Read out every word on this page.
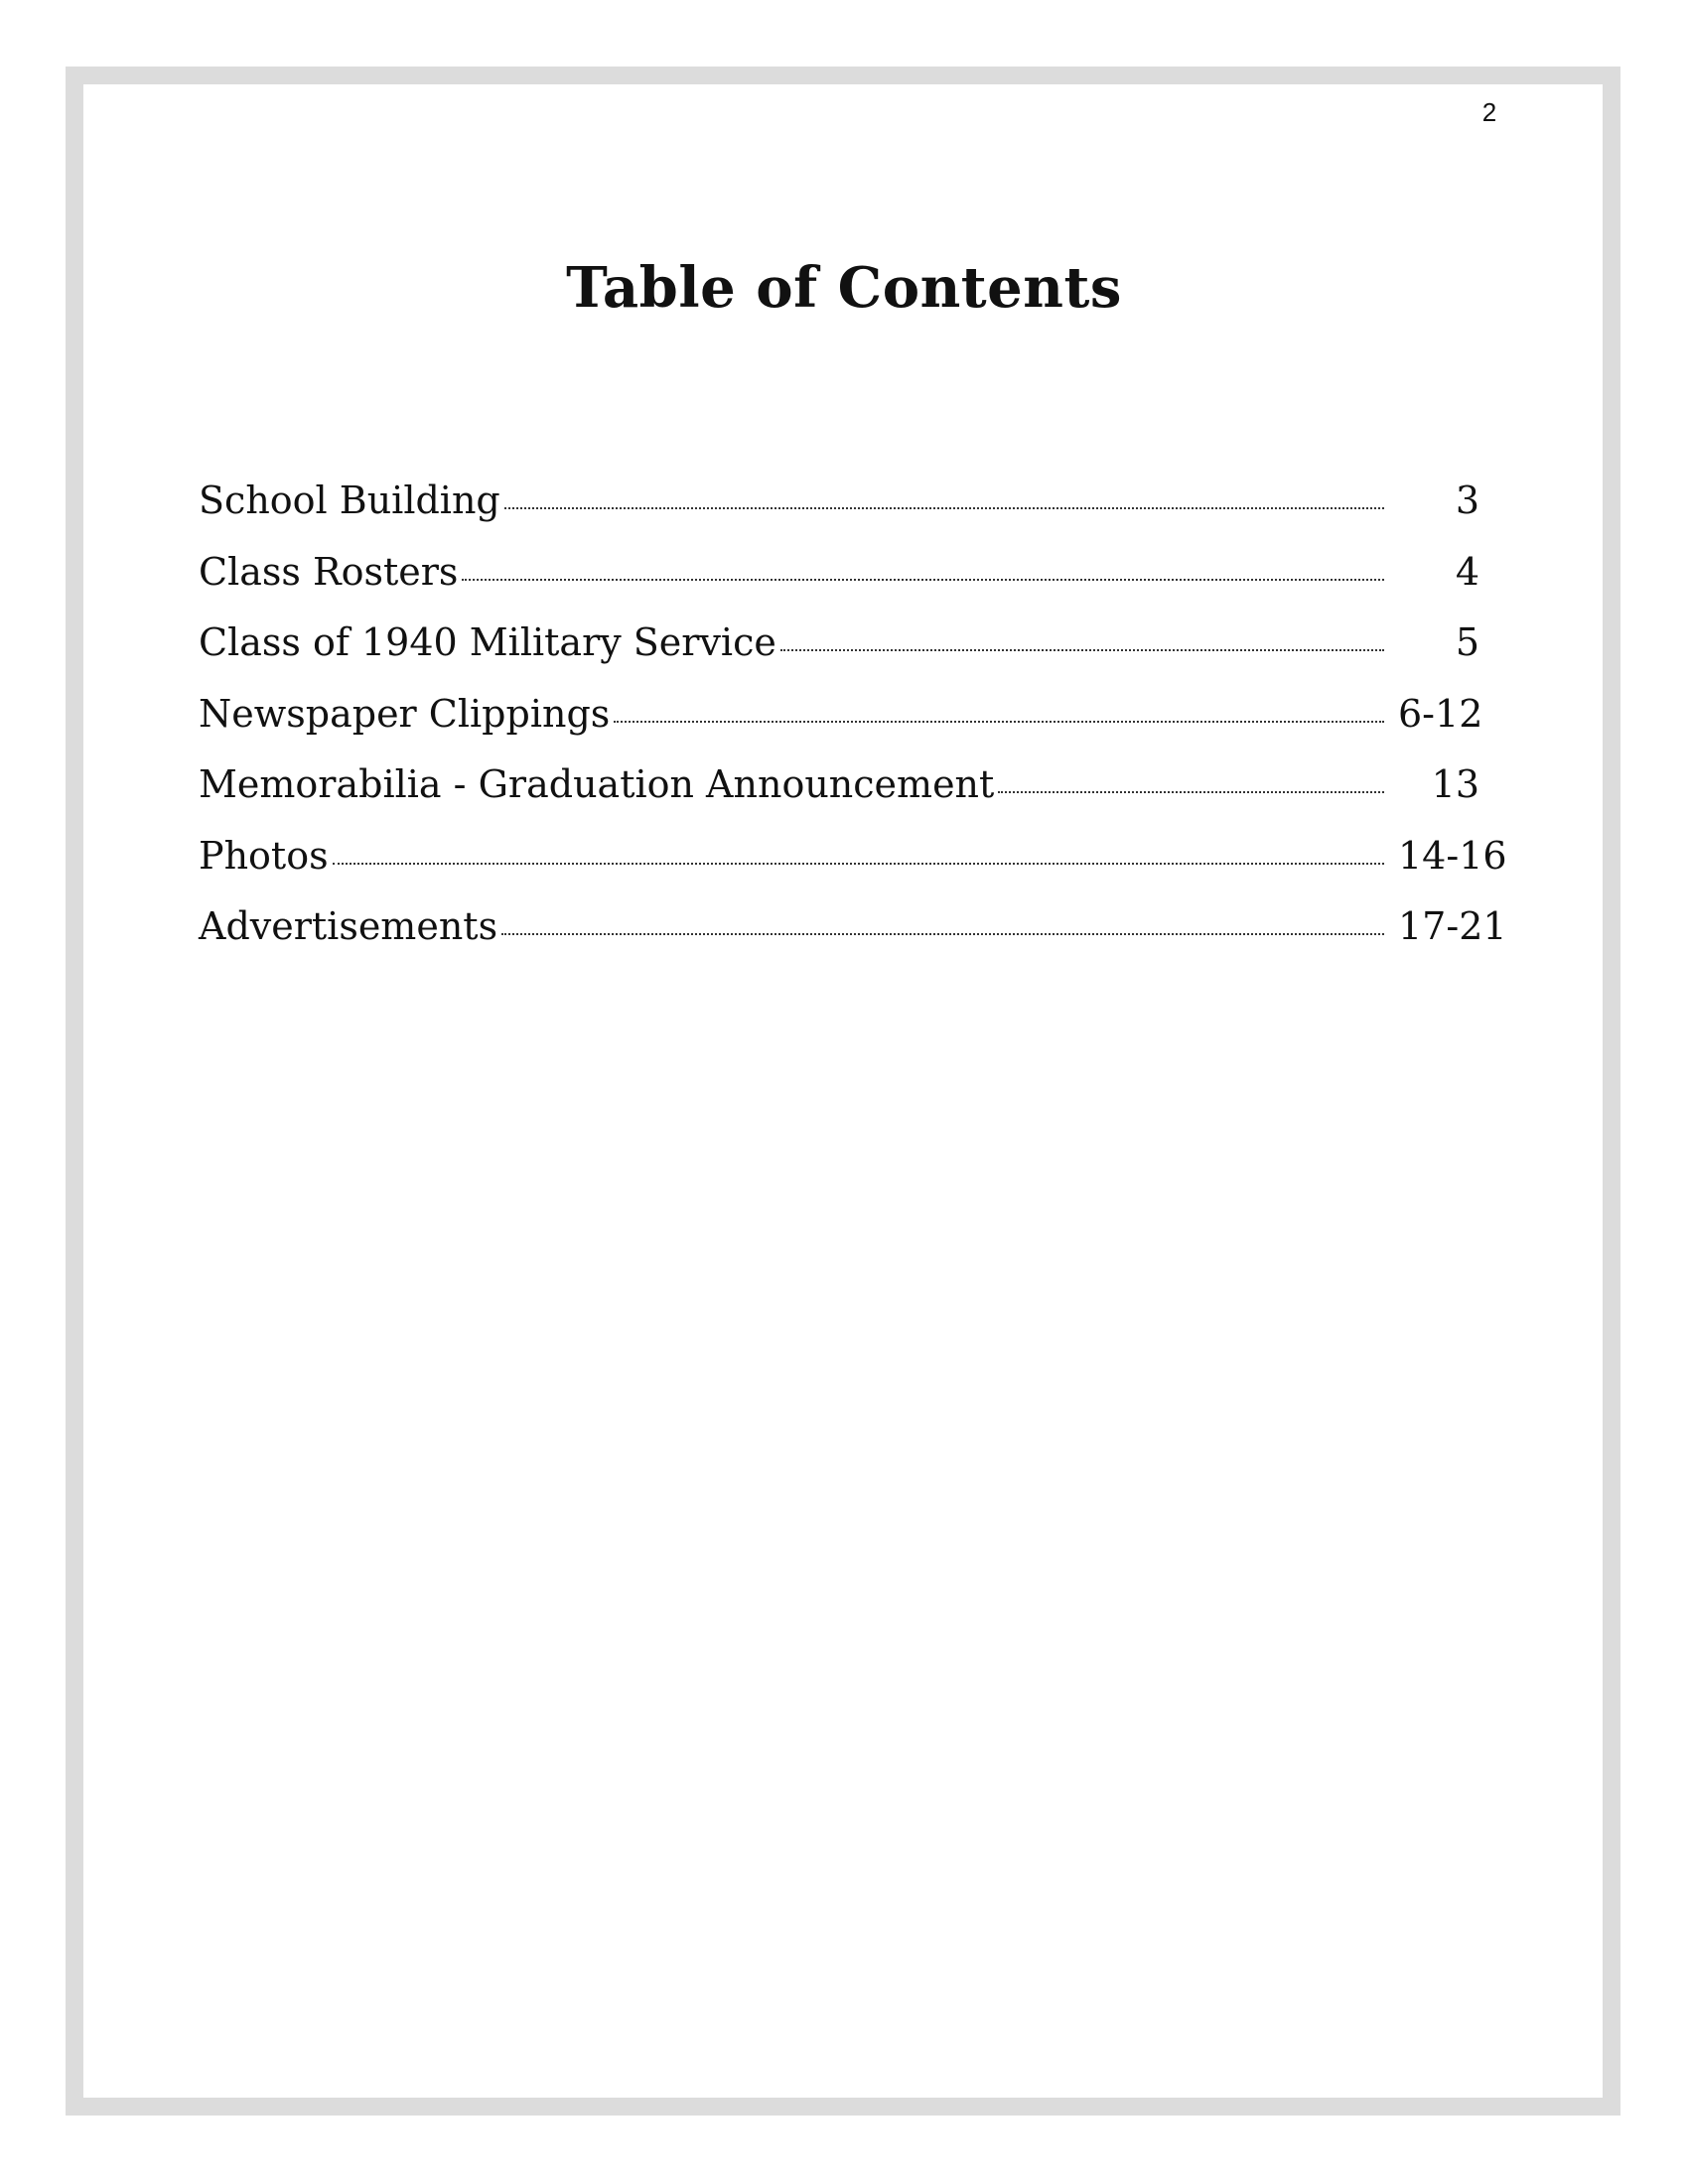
2
Table of Contents
School Building	3
Class Rosters	4
Class of 1940 Military Service	5
Newspaper Clippings	6-12
Memorabilia - Graduation Announcement	13
Photos	14-16
Advertisements	17-21
